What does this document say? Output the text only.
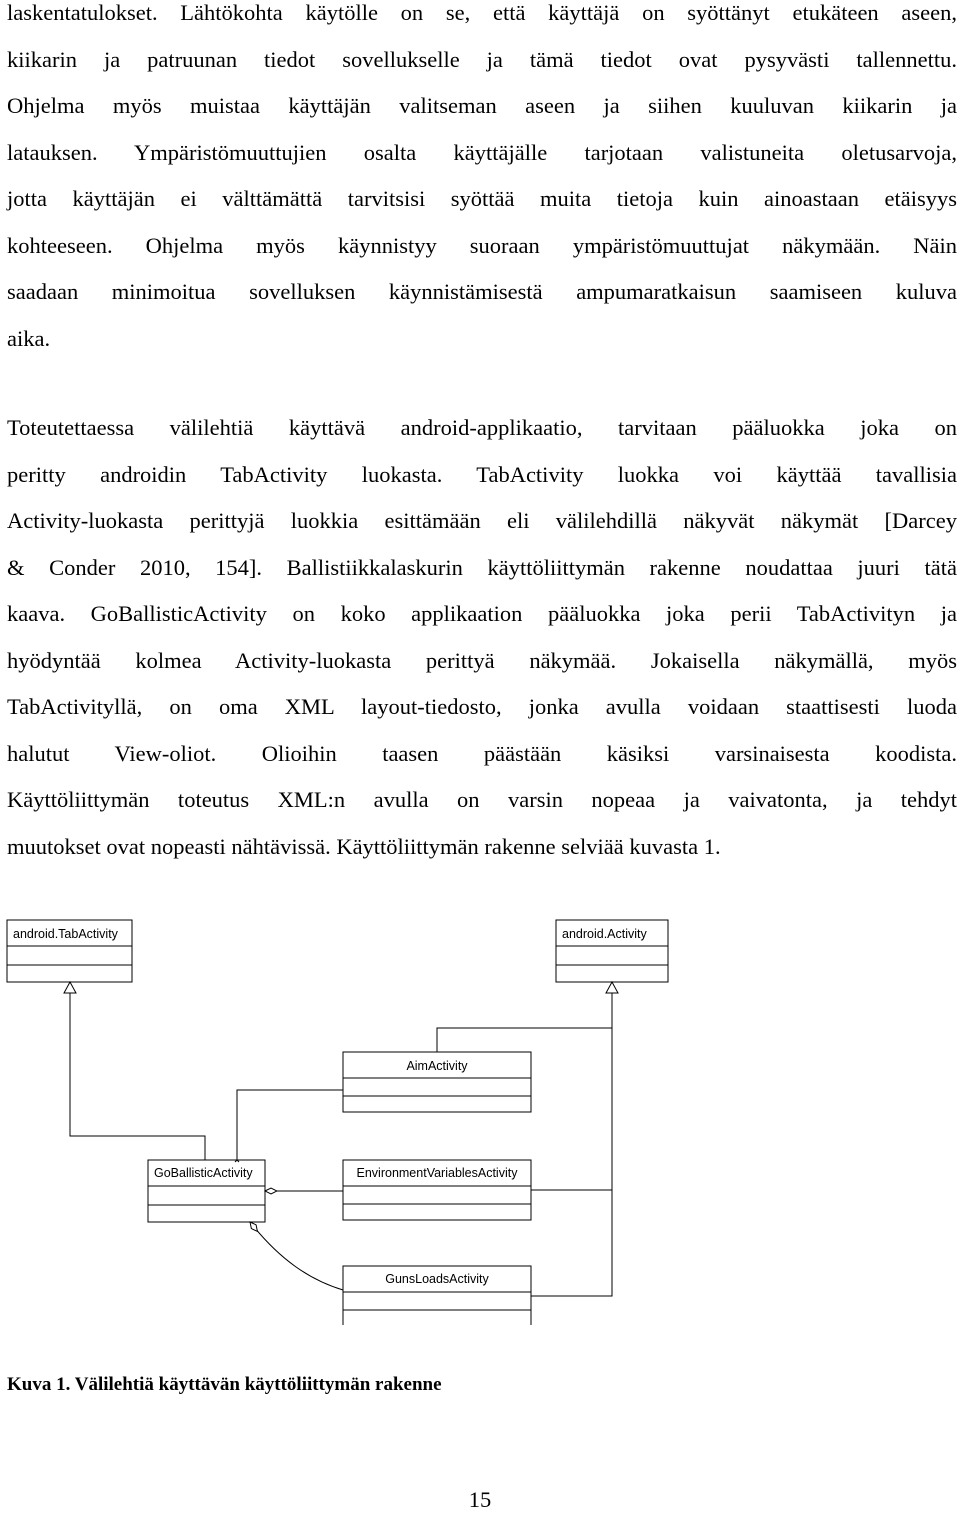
laskentatulokset. Lähtökohta käytölle on se, että käyttäjä on syöttänyt etukäteen aseen,
kiikarin ja patruunan tiedot sovellukselle ja tämä tiedot ovat pysyvästi tallennettu.
Ohjelma myös muistaa käyttäjän valitseman aseen ja siihen kuuluvan kiikarin ja
latauksen. Ympäristömuuttujien osalta käyttäjälle tarjotaan valistuneita oletusarvoja,
jotta käyttäjän ei välttämättä tarvitsisi syöttää muita tietoja kuin ainoastaan etäisyys
kohteeseen. Ohjelma myös käynnistyy suoraan ympäristömuuttujat näkymään. Näin
saadaan minimoitua sovelluksen käynnistämisestä ampumaratkaisun saamiseen kuluva
aika.
Toteutettaessa välilehtiä käyttävä android-applikaatio, tarvitaan pääluokka joka on
peritty androidin TabActivity luokasta. TabActivity luokka voi käyttää tavallisia
Activity-luokasta perittyjä luokkia esittämään eli välilehdillä näkyvät näkymät [Darcey
& Conder 2010, 154]. Ballistiikkalaskurin käyttöliittymän rakenne noudattaa juuri tätä
kaava. GoBallisticActivity on koko applikaation pääluokka joka perii TabActivityn ja
hyödyntää kolmea Activity-luokasta perittyä näkymää. Jokaisella näkymällä, myös
TabActivityllä, on oma XML layout-tiedosto, jonka avulla voidaan staattisesti luoda
halutut View-oliot. Olioihin taasen päästään käsiksi varsinaisesta koodista.
Käyttöliittymän toteutus XML:n avulla on varsin nopeaa ja vaivatonta, ja tehdyt
muutokset ovat nopeasti nähtävissä. Käyttöliittymän rakenne selviää kuvasta 1.
android.TabActivity	android.Activity
AimActivity
GoBallisticActivity	EnvironmentVariablesActivity
GunsLoadsActivity

Kuva 1. Välilehtiä käyttävän käyttöliittymän rakenne

15
